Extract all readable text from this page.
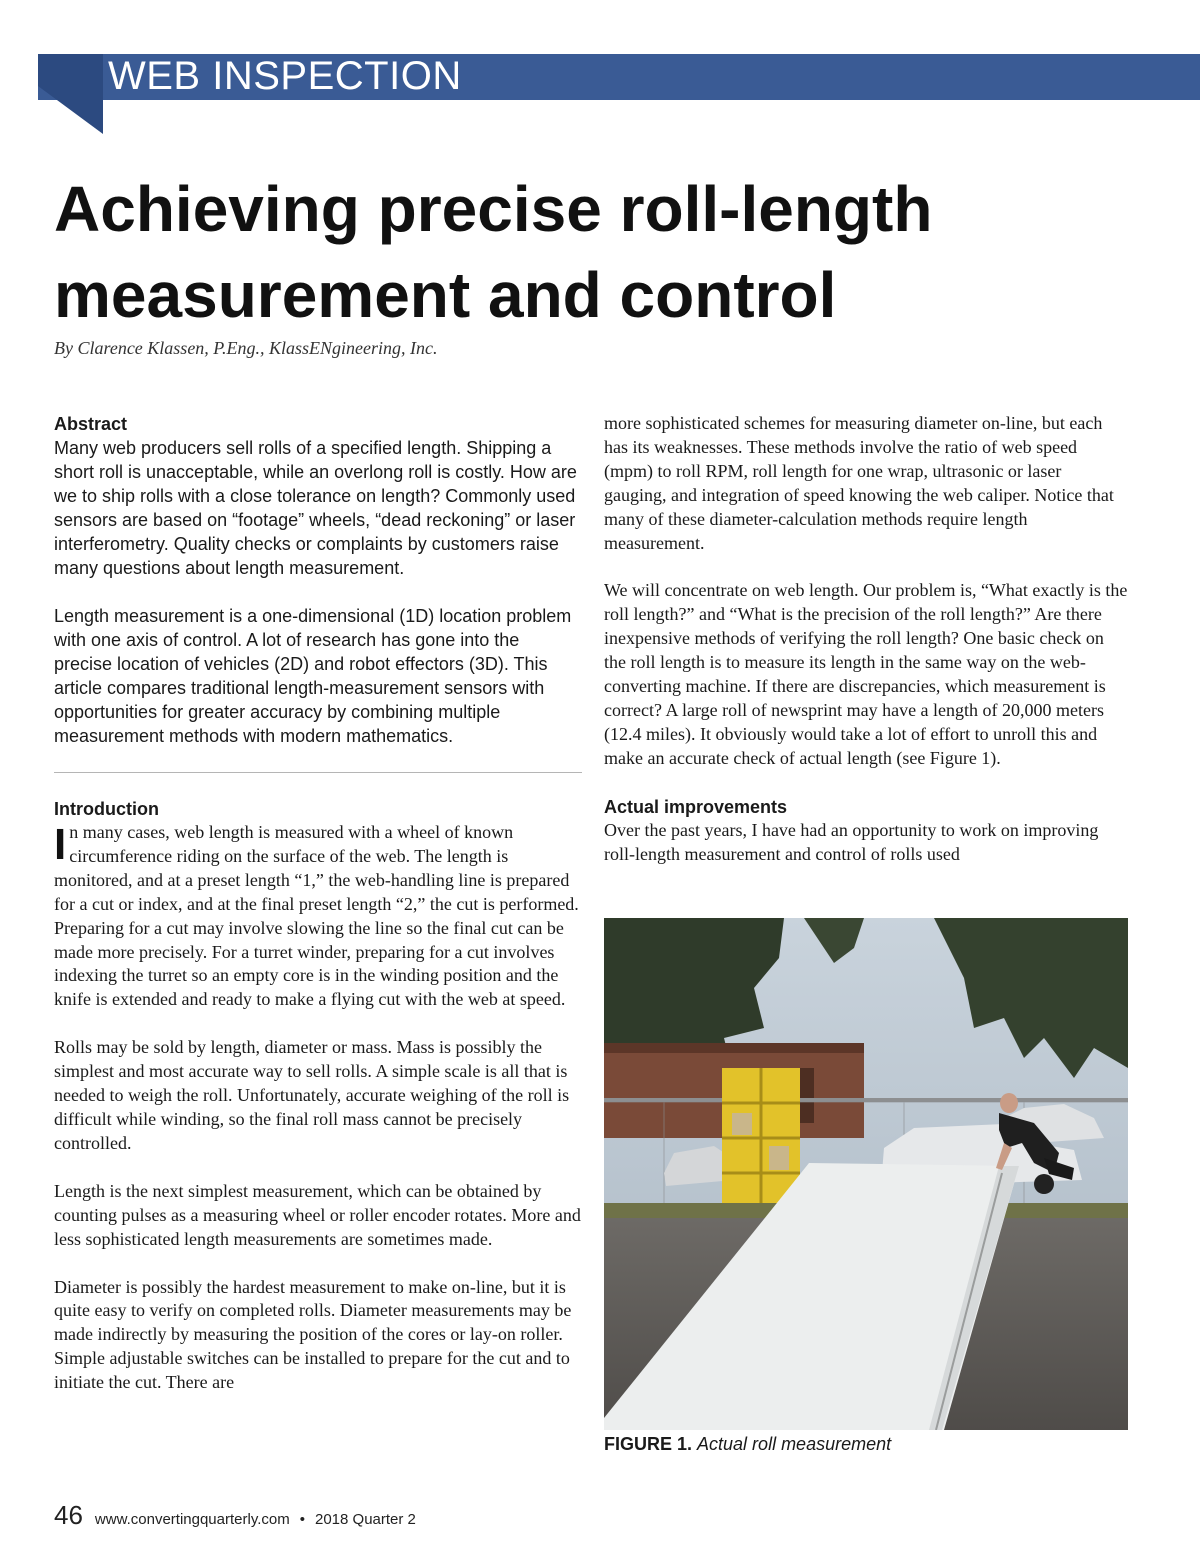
WEB INSPECTION
Achieving precise roll-length
measurement and control
By Clarence Klassen, P.Eng., KlassENgineering, Inc.
Abstract

Many web producers sell rolls of a specified length. Shipping a short roll is unacceptable, while an overlong roll is costly. How are we to ship rolls with a close tolerance on length? Commonly used sensors are based on “footage” wheels, “dead reckoning” or laser interferometry. Quality checks or complaints by customers raise many questions about length measurement.

Length measurement is a one-dimensional (1D) location problem with one axis of control. A lot of research has gone into the precise location of vehicles (2D) and robot effectors (3D). This article compares traditional length-measurement sensors with opportunities for greater accuracy by combining multiple measurement methods with modern mathematics.

Introduction

In many cases, web length is measured with a wheel of known circumference riding on the surface of the web. The length is monitored, and at a preset length “1,” the web-handling line is prepared for a cut or index, and at the final preset length “2,” the cut is performed. Preparing for a cut may involve slowing the line so the final cut can be made more precisely. For a turret winder, preparing for a cut involves indexing the turret so an empty core is in the winding position and the knife is extended and ready to make a flying cut with the web at speed.

Rolls may be sold by length, diameter or mass. Mass is possibly the simplest and most accurate way to sell rolls. A simple scale is all that is needed to weigh the roll. Unfortunately, accurate weighing of the roll is difficult while winding, so the final roll mass cannot be precisely controlled.

Length is the next simplest measurement, which can be obtained by counting pulses as a measuring wheel or roller encoder rotates. More and less sophisticated length measurements are sometimes made.

Diameter is possibly the hardest measurement to make on-line, but it is quite easy to verify on completed rolls. Diameter measurements may be made indirectly by measuring the position of the cores or lay-on roller. Simple adjustable switches can be installed to prepare for the cut and to initiate the cut. There are

more sophisticated schemes for measuring diameter on-line, but each has its weaknesses. These methods involve the ratio of web speed (mpm) to roll RPM, roll length for one wrap, ultrasonic or laser gauging, and integration of speed knowing the web caliper. Notice that many of these diameter-calculation methods require length measurement.

We will concentrate on web length. Our problem is, “What exactly is the roll length?” and “What is the precision of the roll length?” Are there inexpensive methods of verifying the roll length? One basic check on the roll length is to measure its length in the same way on the web-converting machine. If there are discrepancies, which measurement is correct? A large roll of newsprint may have a length of 20,000 meters (12.4 miles). It obviously would take a lot of effort to unroll this and make an accurate check of actual length (see Figure 1).

Actual improvements

Over the past years, I have had an opportunity to work on improving roll-length measurement and control of rolls used

FIGURE 1. Actual roll measurement
46 www.convertingquarterly.com • 2018 Quarter 2
